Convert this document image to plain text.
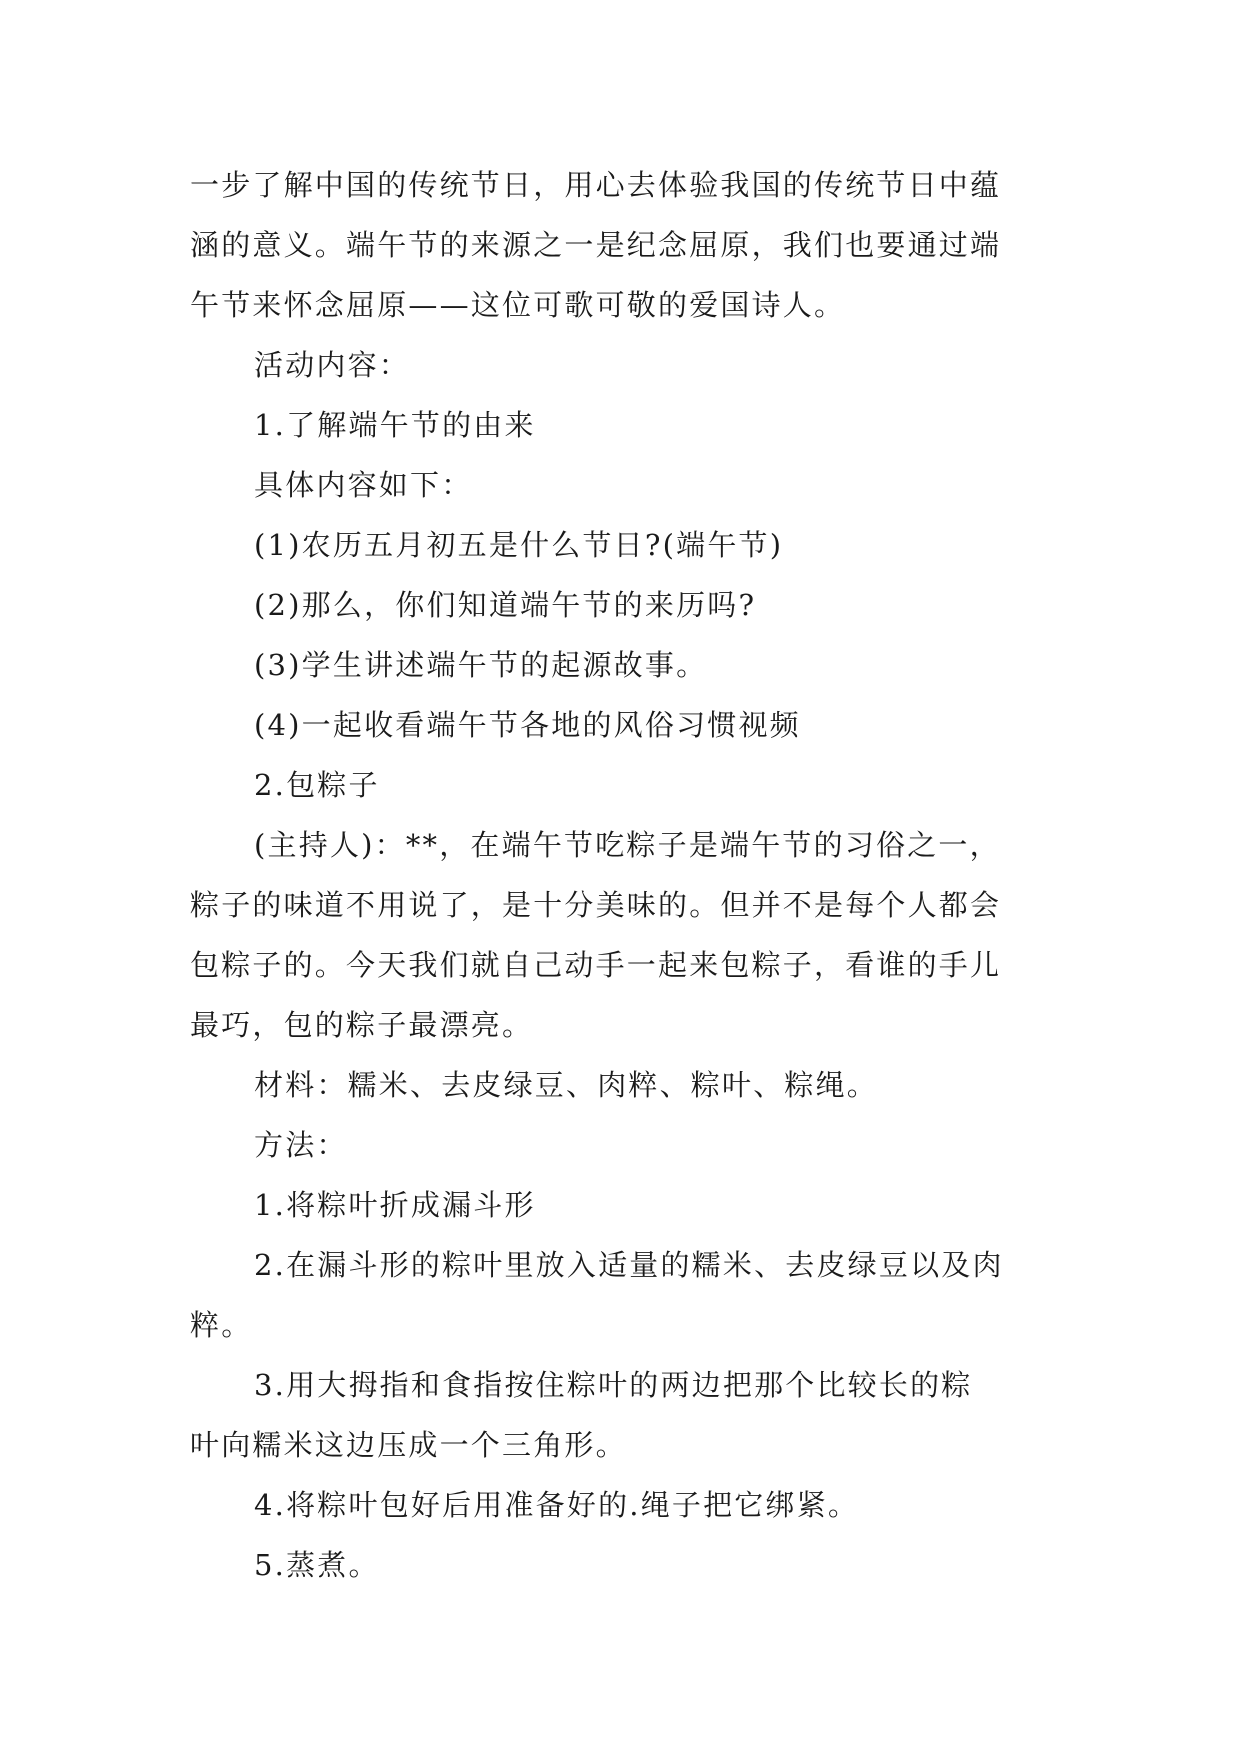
一步了解中国的传统节日，用心去体验我国的传统节日中蕴

涵的意义。端午节的来源之一是纪念屈原，我们也要通过端

午节来怀念屈原——这位可歌可敬的爱国诗人。

活动内容：

1.了解端午节的由来

具体内容如下：

(1)农历五月初五是什么节日?(端午节)

(2)那么，你们知道端午节的来历吗?

(3)学生讲述端午节的起源故事。

(4)一起收看端午节各地的风俗习惯视频

2.包粽子

(主持人)：**，在端午节吃粽子是端午节的习俗之一，

粽子的味道不用说了，是十分美味的。但并不是每个人都会

包粽子的。今天我们就自己动手一起来包粽子，看谁的手儿

最巧，包的粽子最漂亮。

材料：糯米、去皮绿豆、肉粹、粽叶、粽绳。

方法：

1.将粽叶折成漏斗形

2.在漏斗形的粽叶里放入适量的糯米、去皮绿豆以及肉

粹。

3.用大拇指和食指按住粽叶的两边把那个比较长的粽

叶向糯米这边压成一个三角形。

4.将粽叶包好后用准备好的.绳子把它绑紧。

5.蒸煮。
